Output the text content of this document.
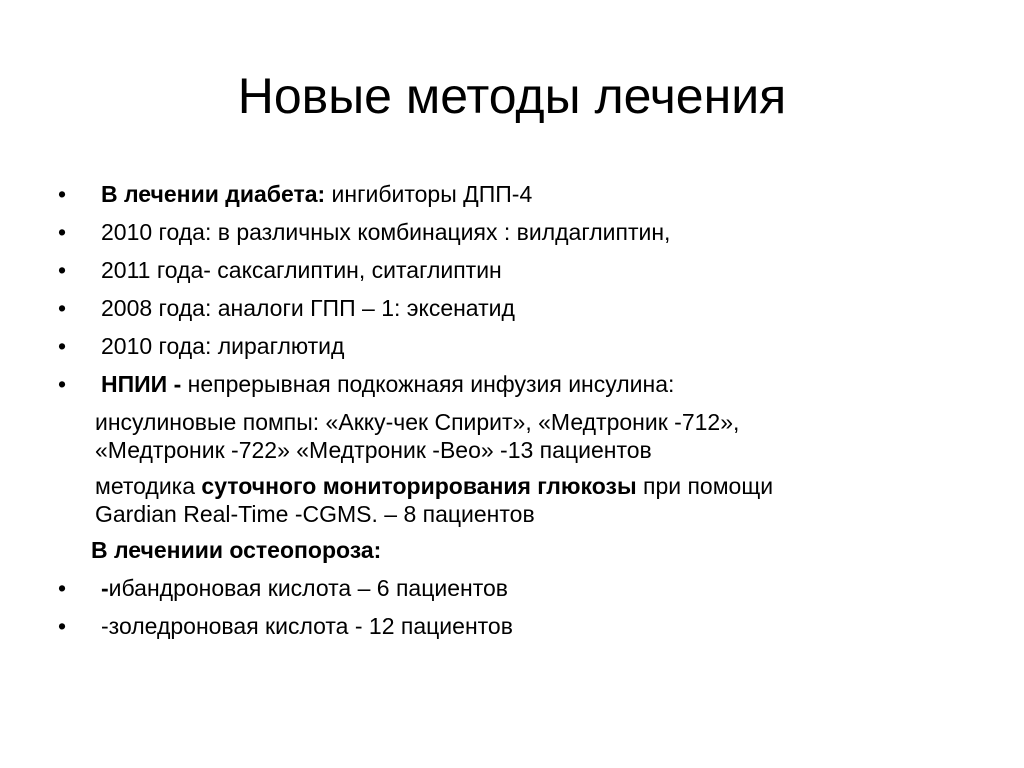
Новые методы лечения
•	В лечении диабета: ингибиторы ДПП-4
•	2010 года: в различных комбинациях : вилдаглиптин,
•	2011 года- саксаглиптин, ситаглиптин
•	2008 года: аналоги ГПП – 1: эксенатид
•	2010 года: лираглютид
•	НПИИ - непрерывная подкожнаяя инфузия инсулина:
инсулиновые помпы: «Акку-чек Спирит», «Медтроник -712»,
«Медтроник -722» «Медтроник -Вео» -13 пациентов
методика суточного мониторирования глюкозы при помощи
Gardian Real-Time -CGMS. – 8 пациентов
В лечениии остеопороза:
•	-ибандроновая кислота – 6 пациентов
•	-золедроновая кислота - 12 пациентов
